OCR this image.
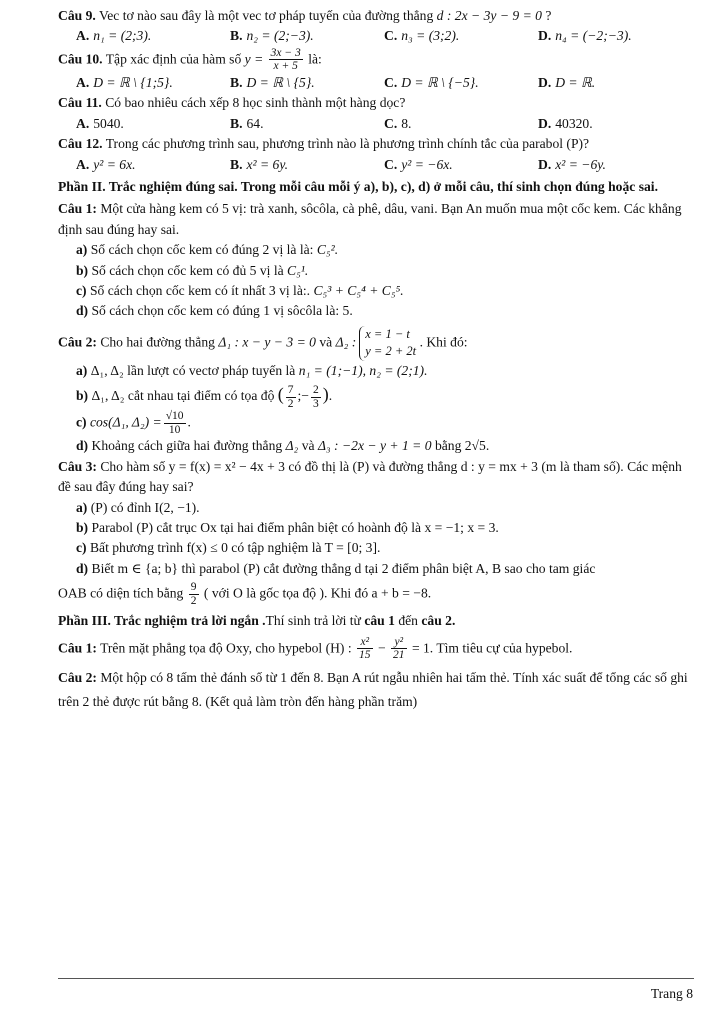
Câu 9. Vec tơ nào sau đây là một vec tơ pháp tuyến của đường thẳng d : 2x − 3y − 9 = 0 ?

A. n₁ = (2;3).	B. n₂ = (2;−3).	C. n₃ = (3;2).	D. n₄ = (−2;−3).

Câu 10. Tập xác định của hàm số $y = \frac{3x - 3}{x + 5}$ là:

A. D = ℝ \ {1;5}.	B. D = ℝ \ {5}.	C. D = ℝ \ {−5}.	D. D = ℝ.

Câu 11. Có bao nhiêu cách xếp 8 học sinh thành một hàng dọc?

A. 5040.	B. 64.	C. 8.	D. 40320.

Câu 12. Trong các phương trình sau, phương trình nào là phương trình chính tắc của parabol (P)?

A. y² = 6x.	B. x² = 6y.	C. y² = −6x.	D. x² = −6y.

Phần II. Trắc nghiệm đúng sai. Trong mỗi câu mỗi ý a), b), c), d) ở mỗi câu, thí sinh chọn đúng hoặc sai.

Câu 1: Một cửa hàng kem có 5 vị: trà xanh, sôcôla, cà phê, dâu, vani. Bạn An muốn mua một cốc kem. Các khẳng định sau đúng hay sai.

a) Số cách chọn cốc kem có đúng 2 vị là là: C₅².
b) Số cách chọn cốc kem có đủ 5 vị là C₅¹.
c) Số cách chọn cốc kem có ít nhất 3 vị là:. C₅³ + C₅⁴ + C₅⁵.
d) Số cách chọn cốc kem có đúng 1 vị sôcôla là: 5.

Câu 2: Cho hai đường thẳng Δ₁ : x − y − 3 = 0 và Δ₂ :x = 1 − t
y = 2 + 2t . Khi đó:

a) Δ₁, Δ₂ lần lượt có vectơ pháp tuyến là n₁ = (1;−1), n₂ = (2;1).
b) Δ₁, Δ₂ cắt nhau tại điểm có tọa độ ( $\frac{7}{2}$ ;− $\frac{2}{3}$ ).
c) cos(Δ₁, $\Delta_2) = \frac{√10}{10}$ .
d) Khoảng cách giữa hai đường thẳng Δ₂ và Δ₃ : −2x − y + 1 = 0 bằng 2√5.

Câu 3: Cho hàm số y = f(x) = x² − 4x + 3 có đồ thị là (P) và đường thẳng d : y = mx + 3 (m là tham số). Các mệnh đề sau đây đúng hay sai?

a) (P) có đỉnh I(2, −1).
b) Parabol (P) cắt trục Ox tại hai điểm phân biệt có hoành độ là x = −1; x = 3.
c) Bất phương trình f(x) ≤ 0 có tập nghiệm là T = [0; 3].
d) Biết m ∈ {a; b} thì parabol (P) cắt đường thẳng d tại 2 điểm phân biệt A, B sao cho tam giác
OAB có diện tích bằng $\frac{9}{2}$ ( với O là gốc tọa độ ). Khi đó a + b = −8.

Phần III. Trắc nghiệm trả lời ngắn .Thí sinh trả lời từ câu 1 đến câu 2.

Câu 1: Trên mặt phẳng tọa độ Oxy, cho hypebol (H) : $\frac{\text{x²}}{15} - \frac{\text{y²}}{21} = 1$. Tìm tiêu cự của hypebol.

Câu 2: Một hộp có 8 tấm thẻ đánh số từ 1 đến 8. Bạn A rút ngẫu nhiên hai tấm thẻ. Tính xác suất để tổng các số ghi trên 2 thẻ được rút bằng 8. (Kết quả làm tròn đến hàng phần trăm)

Trang 8
